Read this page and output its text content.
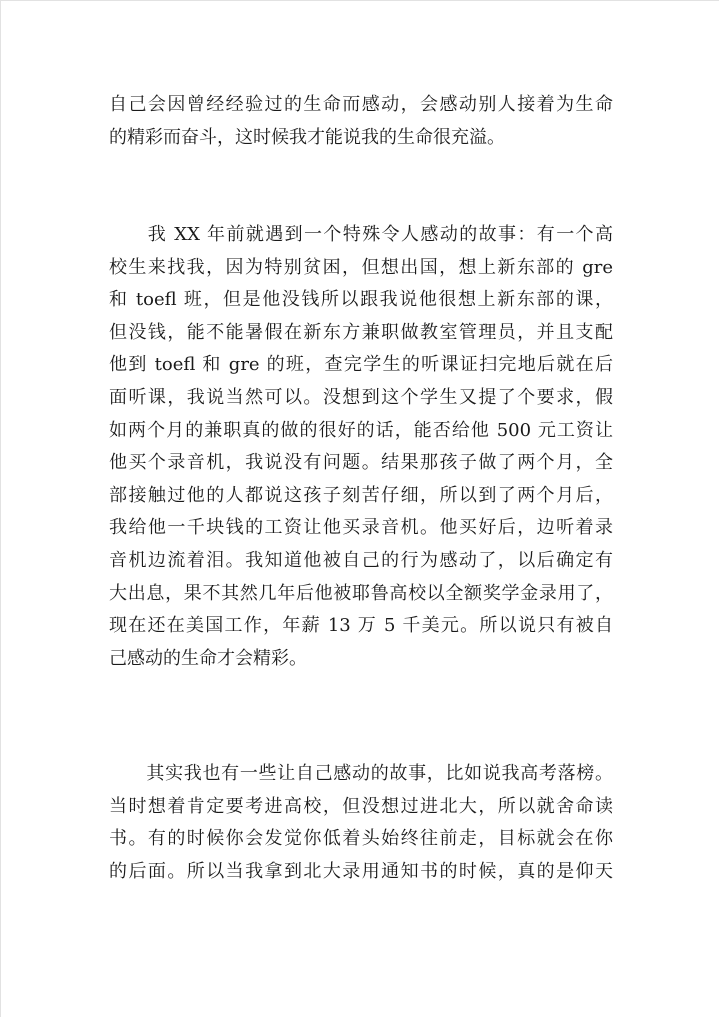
自己会因曾经经验过的生命而感动，会感动别人接着为生命
的精彩而奋斗，这时候我才能说我的生命很充溢。

　　我 XX 年前就遇到一个特殊令人感动的故事：有一个高
校生来找我，因为特别贫困，但想出国，想上新东部的 gre
和 toefl 班，但是他没钱所以跟我说他很想上新东部的课，
但没钱，能不能暑假在新东方兼职做教室管理员，并且支配
他到 toefl 和 gre 的班，查完学生的听课证扫完地后就在后
面听课，我说当然可以。没想到这个学生又提了个要求，假
如两个月的兼职真的做的很好的话，能否给他 500 元工资让
他买个录音机，我说没有问题。结果那孩子做了两个月，全
部接触过他的人都说这孩子刻苦仔细，所以到了两个月后，
我给他一千块钱的工资让他买录音机。他买好后，边听着录
音机边流着泪。我知道他被自己的行为感动了，以后确定有
大出息，果不其然几年后他被耶鲁高校以全额奖学金录用了，
现在还在美国工作，年薪 13 万 5 千美元。所以说只有被自
己感动的生命才会精彩。

　　其实我也有一些让自己感动的故事，比如说我高考落榜。
当时想着肯定要考进高校，但没想过进北大，所以就舍命读
书。有的时候你会发觉你低着头始终往前走，目标就会在你
的后面。所以当我拿到北大录用通知书的时候，真的是仰天
